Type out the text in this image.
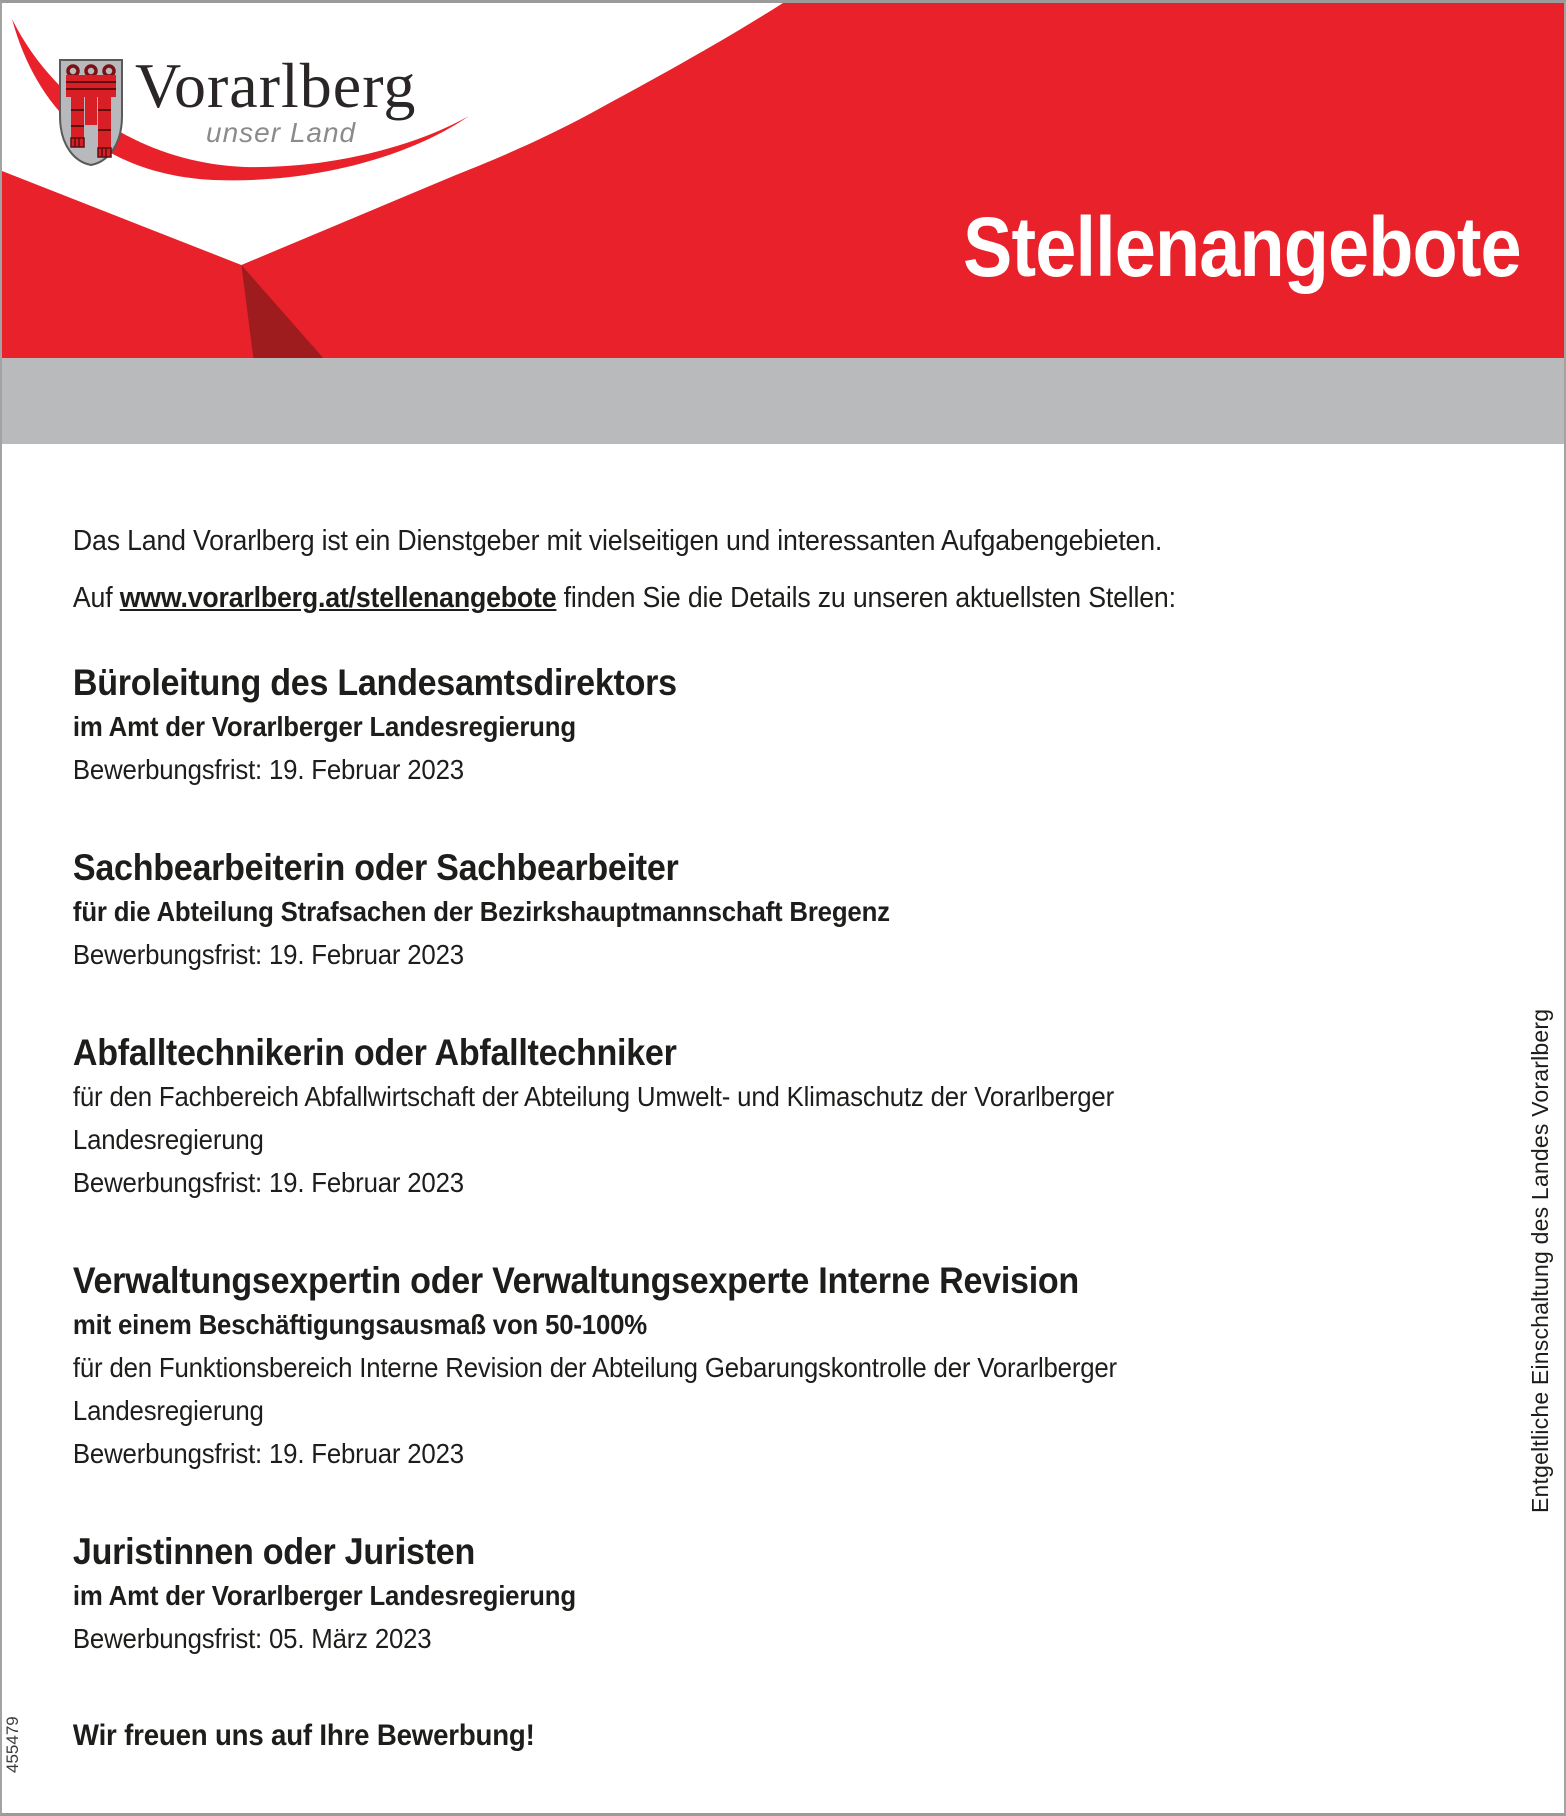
Vorarlberg
unser Land
Stellenangebote

Das Land Vorarlberg ist ein Dienstgeber mit vielseitigen und interessanten Aufgabengebieten.

Auf www.vorarlberg.at/stellenangebote finden Sie die Details zu unseren aktuellsten Stellen:

Büroleitung des Landesamtsdirektors
im Amt der Vorarlberger Landesregierung
Bewerbungsfrist: 19. Februar 2023
Sachbearbeiterin oder Sachbearbeiter
für die Abteilung Strafsachen der Bezirkshauptmannschaft Bregenz
Bewerbungsfrist: 19. Februar 2023
Abfalltechnikerin oder Abfalltechniker
für den Fachbereich Abfallwirtschaft der Abteilung Umwelt- und Klimaschutz der Vorarlberger
Landesregierung
Bewerbungsfrist: 19. Februar 2023
Verwaltungsexpertin oder Verwaltungsexperte Interne Revision
mit einem Beschäftigungsausmaß von 50-100%
für den Funktionsbereich Interne Revision der Abteilung Gebarungskontrolle der Vorarlberger
Landesregierung
Bewerbungsfrist: 19. Februar 2023
Juristinnen oder Juristen
im Amt der Vorarlberger Landesregierung
Bewerbungsfrist: 05. März 2023

Wir freuen uns auf Ihre Bewerbung!

Entgeltliche Einschaltung des Landes Vorarlberg
455479
